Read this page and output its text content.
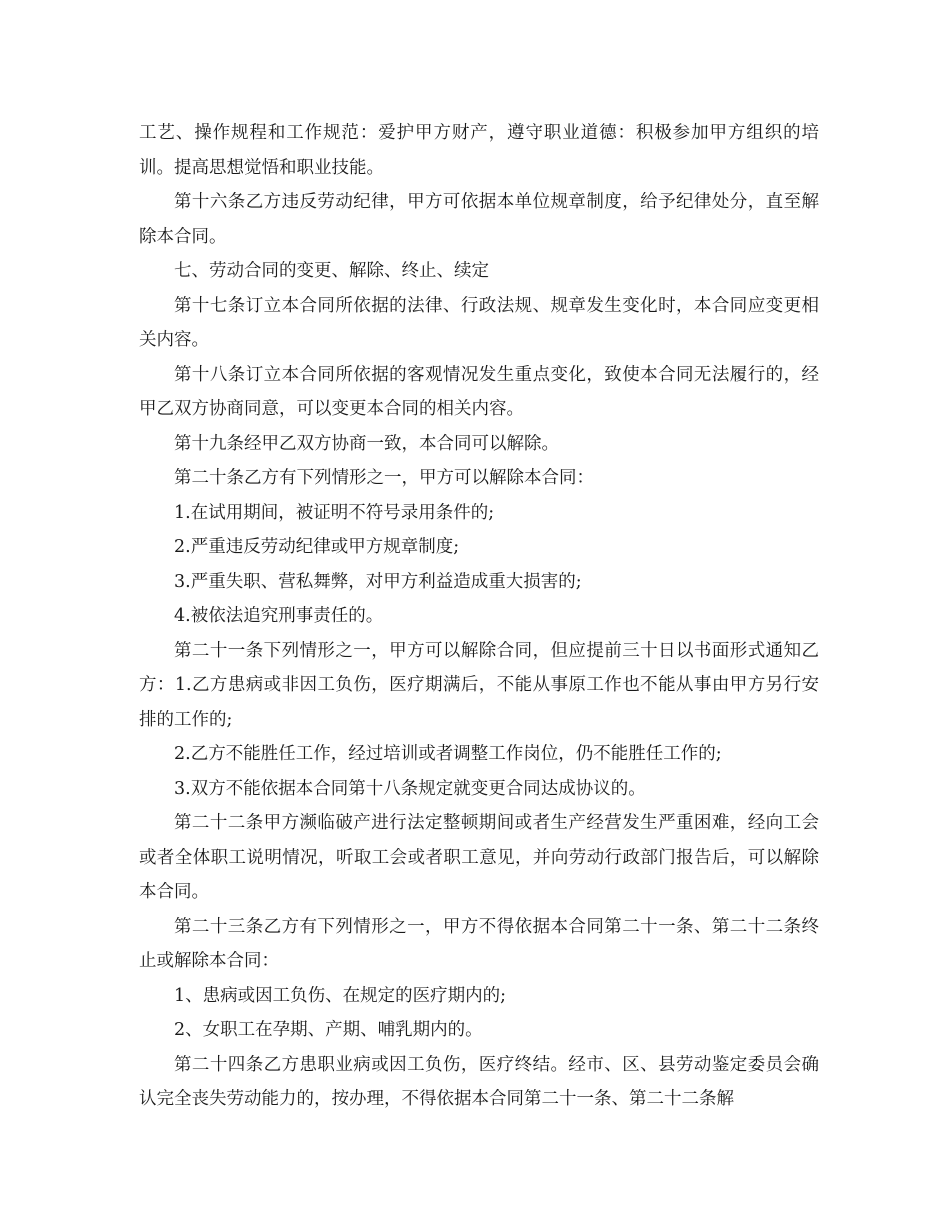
工艺、操作规程和工作规范：爱护甲方财产，遵守职业道德：积极参加甲方组织的培训。提高思想觉悟和职业技能。

第十六条乙方违反劳动纪律，甲方可依据本单位规章制度，给予纪律处分，直至解除本合同。

七、劳动合同的变更、解除、终止、续定

第十七条订立本合同所依据的法律、行政法规、规章发生变化时，本合同应变更相关内容。

第十八条订立本合同所依据的客观情况发生重点变化，致使本合同无法履行的，经甲乙双方协商同意，可以变更本合同的相关内容。

第十九条经甲乙双方协商一致，本合同可以解除。

第二十条乙方有下列情形之一，甲方可以解除本合同：

1.在试用期间，被证明不符号录用条件的;

2.严重违反劳动纪律或甲方规章制度;

3.严重失职、营私舞弊，对甲方利益造成重大损害的;

4.被依法追究刑事责任的。

第二十一条下列情形之一，甲方可以解除合同，但应提前三十日以书面形式通知乙方：1.乙方患病或非因工负伤，医疗期满后，不能从事原工作也不能从事由甲方另行安排的工作的;

2.乙方不能胜任工作，经过培训或者调整工作岗位，仍不能胜任工作的;

3.双方不能依据本合同第十八条规定就变更合同达成协议的。

第二十二条甲方濒临破产进行法定整顿期间或者生产经营发生严重困难，经向工会或者全体职工说明情况，听取工会或者职工意见，并向劳动行政部门报告后，可以解除本合同。

第二十三条乙方有下列情形之一，甲方不得依据本合同第二十一条、第二十二条终止或解除本合同：

1、患病或因工负伤、在规定的医疗期内的;

2、女职工在孕期、产期、哺乳期内的。

第二十四条乙方患职业病或因工负伤，医疗终结。经市、区、县劳动鉴定委员会确认完全丧失劳动能力的，按办理，不得依据本合同第二十一条、第二十二条解
